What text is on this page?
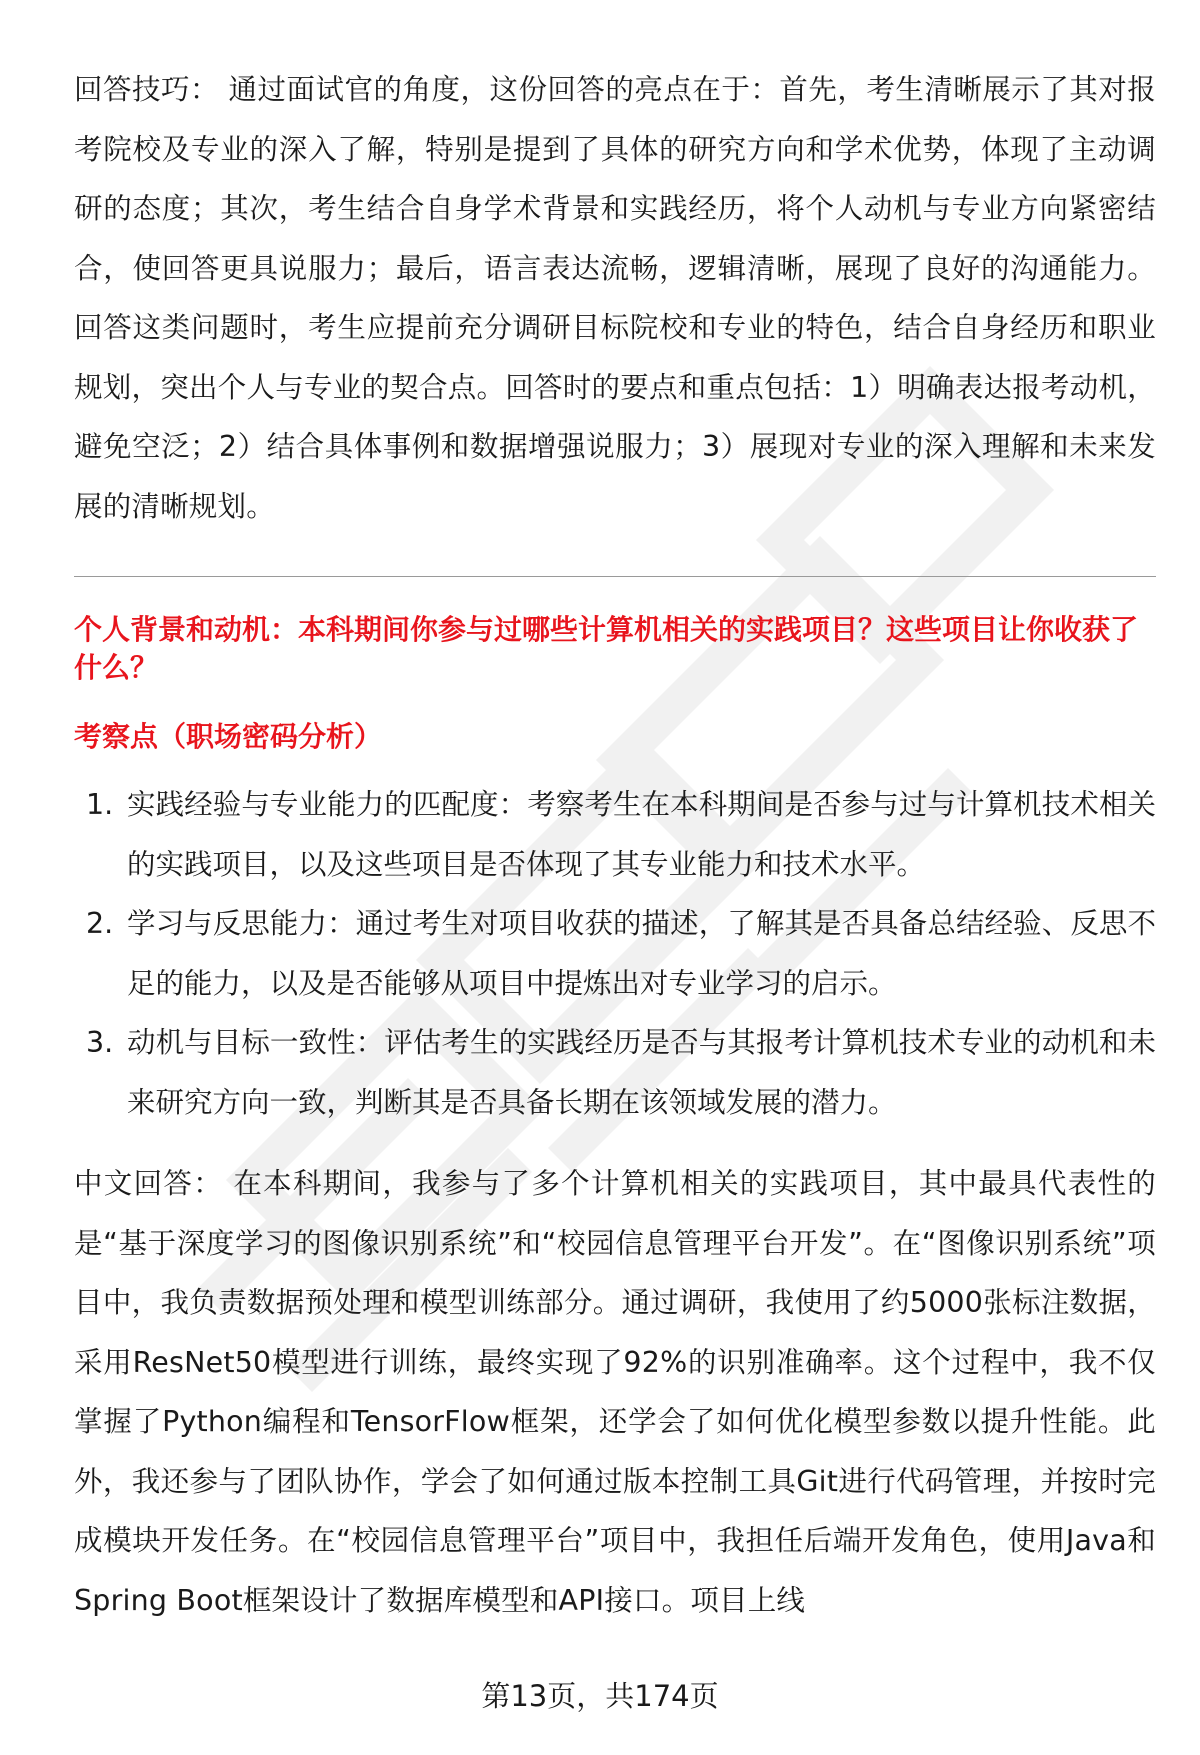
回答技巧： 通过面试官的角度，这份回答的亮点在于：首先，考生清晰展示了其对报考院校及专业的深入了解，特别是提到了具体的研究方向和学术优势，体现了主动调研的态度；其次，考生结合自身学术背景和实践经历，将个人动机与专业方向紧密结合，使回答更具说服力；最后，语言表达流畅，逻辑清晰，展现了良好的沟通能力。回答这类问题时，考生应提前充分调研目标院校和专业的特色，结合自身经历和职业规划，突出个人与专业的契合点。回答时的要点和重点包括：1）明确表达报考动机，避免空泛；2）结合具体事例和数据增强说服力；3）展现对专业的深入理解和未来发展的清晰规划。

个人背景和动机：本科期间你参与过哪些计算机相关的实践项目？这些项目让你收获了什么？

考察点（职场密码分析）

1. 实践经验与专业能力的匹配度：考察考生在本科期间是否参与过与计算机技术相关的实践项目，以及这些项目是否体现了其专业能力和技术水平。
2. 学习与反思能力：通过考生对项目收获的描述，了解其是否具备总结经验、反思不足的能力，以及是否能够从项目中提炼出对专业学习的启示。
3. 动机与目标一致性：评估考生的实践经历是否与其报考计算机技术专业的动机和未来研究方向一致，判断其是否具备长期在该领域发展的潜力。

中文回答： 在本科期间，我参与了多个计算机相关的实践项目，其中最具代表性的是“基于深度学习的图像识别系统”和“校园信息管理平台开发”。在“图像识别系统”项目中，我负责数据预处理和模型训练部分。通过调研，我使用了约5000张标注数据，采用ResNet50模型进行训练，最终实现了92%的识别准确率。这个过程中，我不仅掌握了Python编程和TensorFlow框架，还学会了如何优化模型参数以提升性能。此外，我还参与了团队协作，学会了如何通过版本控制工具Git进行代码管理，并按时完成模块开发任务。在“校园信息管理平台”项目中，我担任后端开发角色，使用Java和Spring Boot框架设计了数据库模型和API接口。项目上线

第13页，共174页
